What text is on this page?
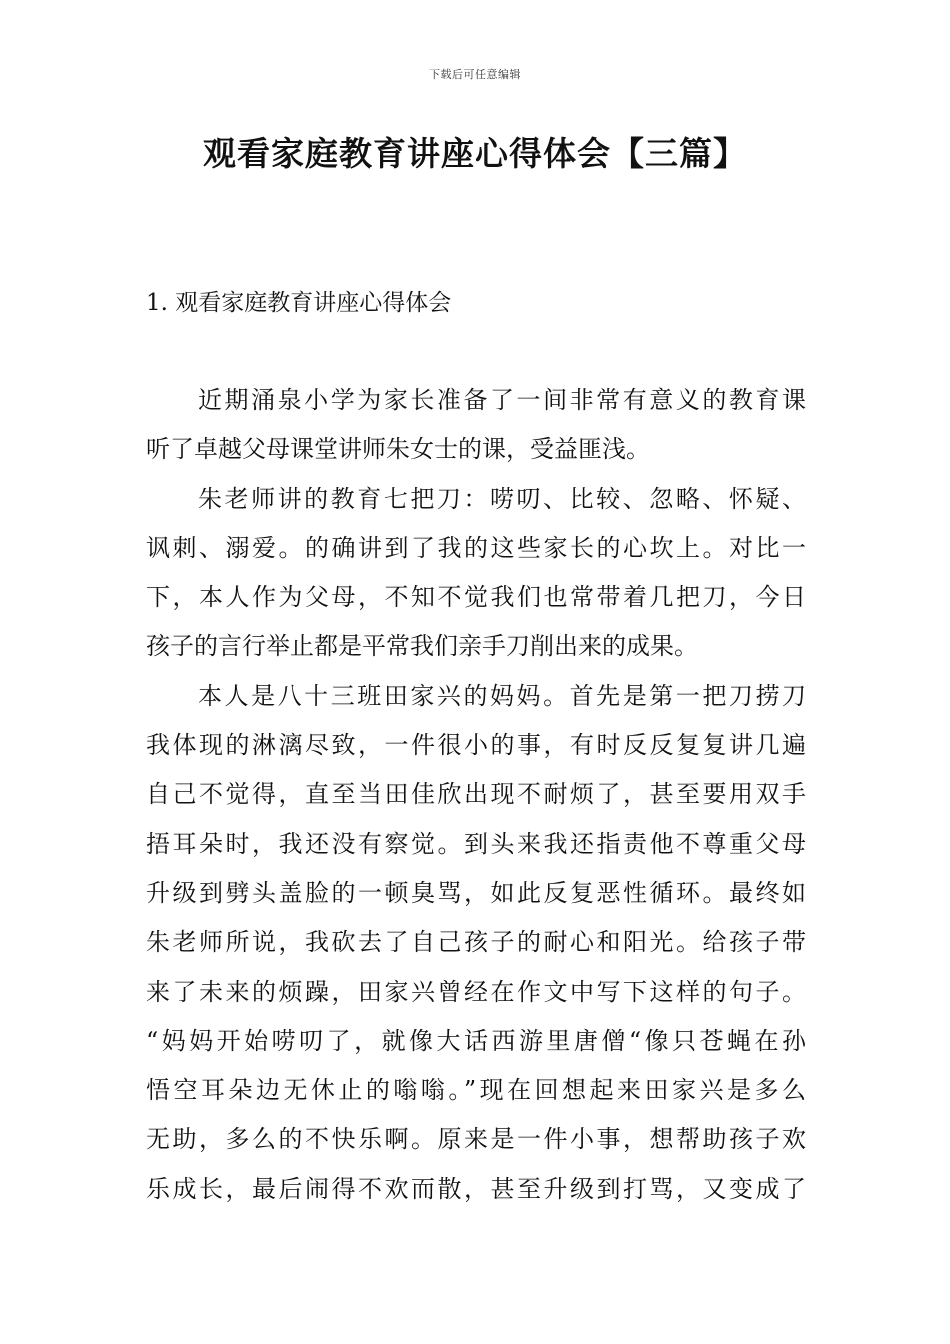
下载后可任意编辑
观看家庭教育讲座心得体会【三篇】
1. 观看家庭教育讲座心得体会
近期涌泉小学为家长准备了一间非常有意义的教育课
听了卓越父母课堂讲师朱女士的课，受益匪浅。
朱老师讲的教育七把刀：唠叨、比较、忽略、怀疑、
讽刺、溺爱。的确讲到了我的这些家长的心坎上。对比一
下，本人作为父母，不知不觉我们也常带着几把刀，今日
孩子的言行举止都是平常我们亲手刀削出来的成果。
本人是八十三班田家兴的妈妈。首先是第一把刀捞刀
我体现的淋漓尽致，一件很小的事，有时反反复复讲几遍
自己不觉得，直至当田佳欣出现不耐烦了，甚至要用双手
捂耳朵时，我还没有察觉。到头来我还指责他不尊重父母
升级到劈头盖脸的一顿臭骂，如此反复恶性循环。最终如
朱老师所说，我砍去了自己孩子的耐心和阳光。给孩子带
来了未来的烦躁，田家兴曾经在作文中写下这样的句子。
“妈妈开始唠叨了，就像大话西游里唐僧“像只苍蝇在孙
悟空耳朵边无休止的嗡嗡。”现在回想起来田家兴是多么
无助，多么的不快乐啊。原来是一件小事，想帮助孩子欢
乐成长，最后闹得不欢而散，甚至升级到打骂，又变成了
